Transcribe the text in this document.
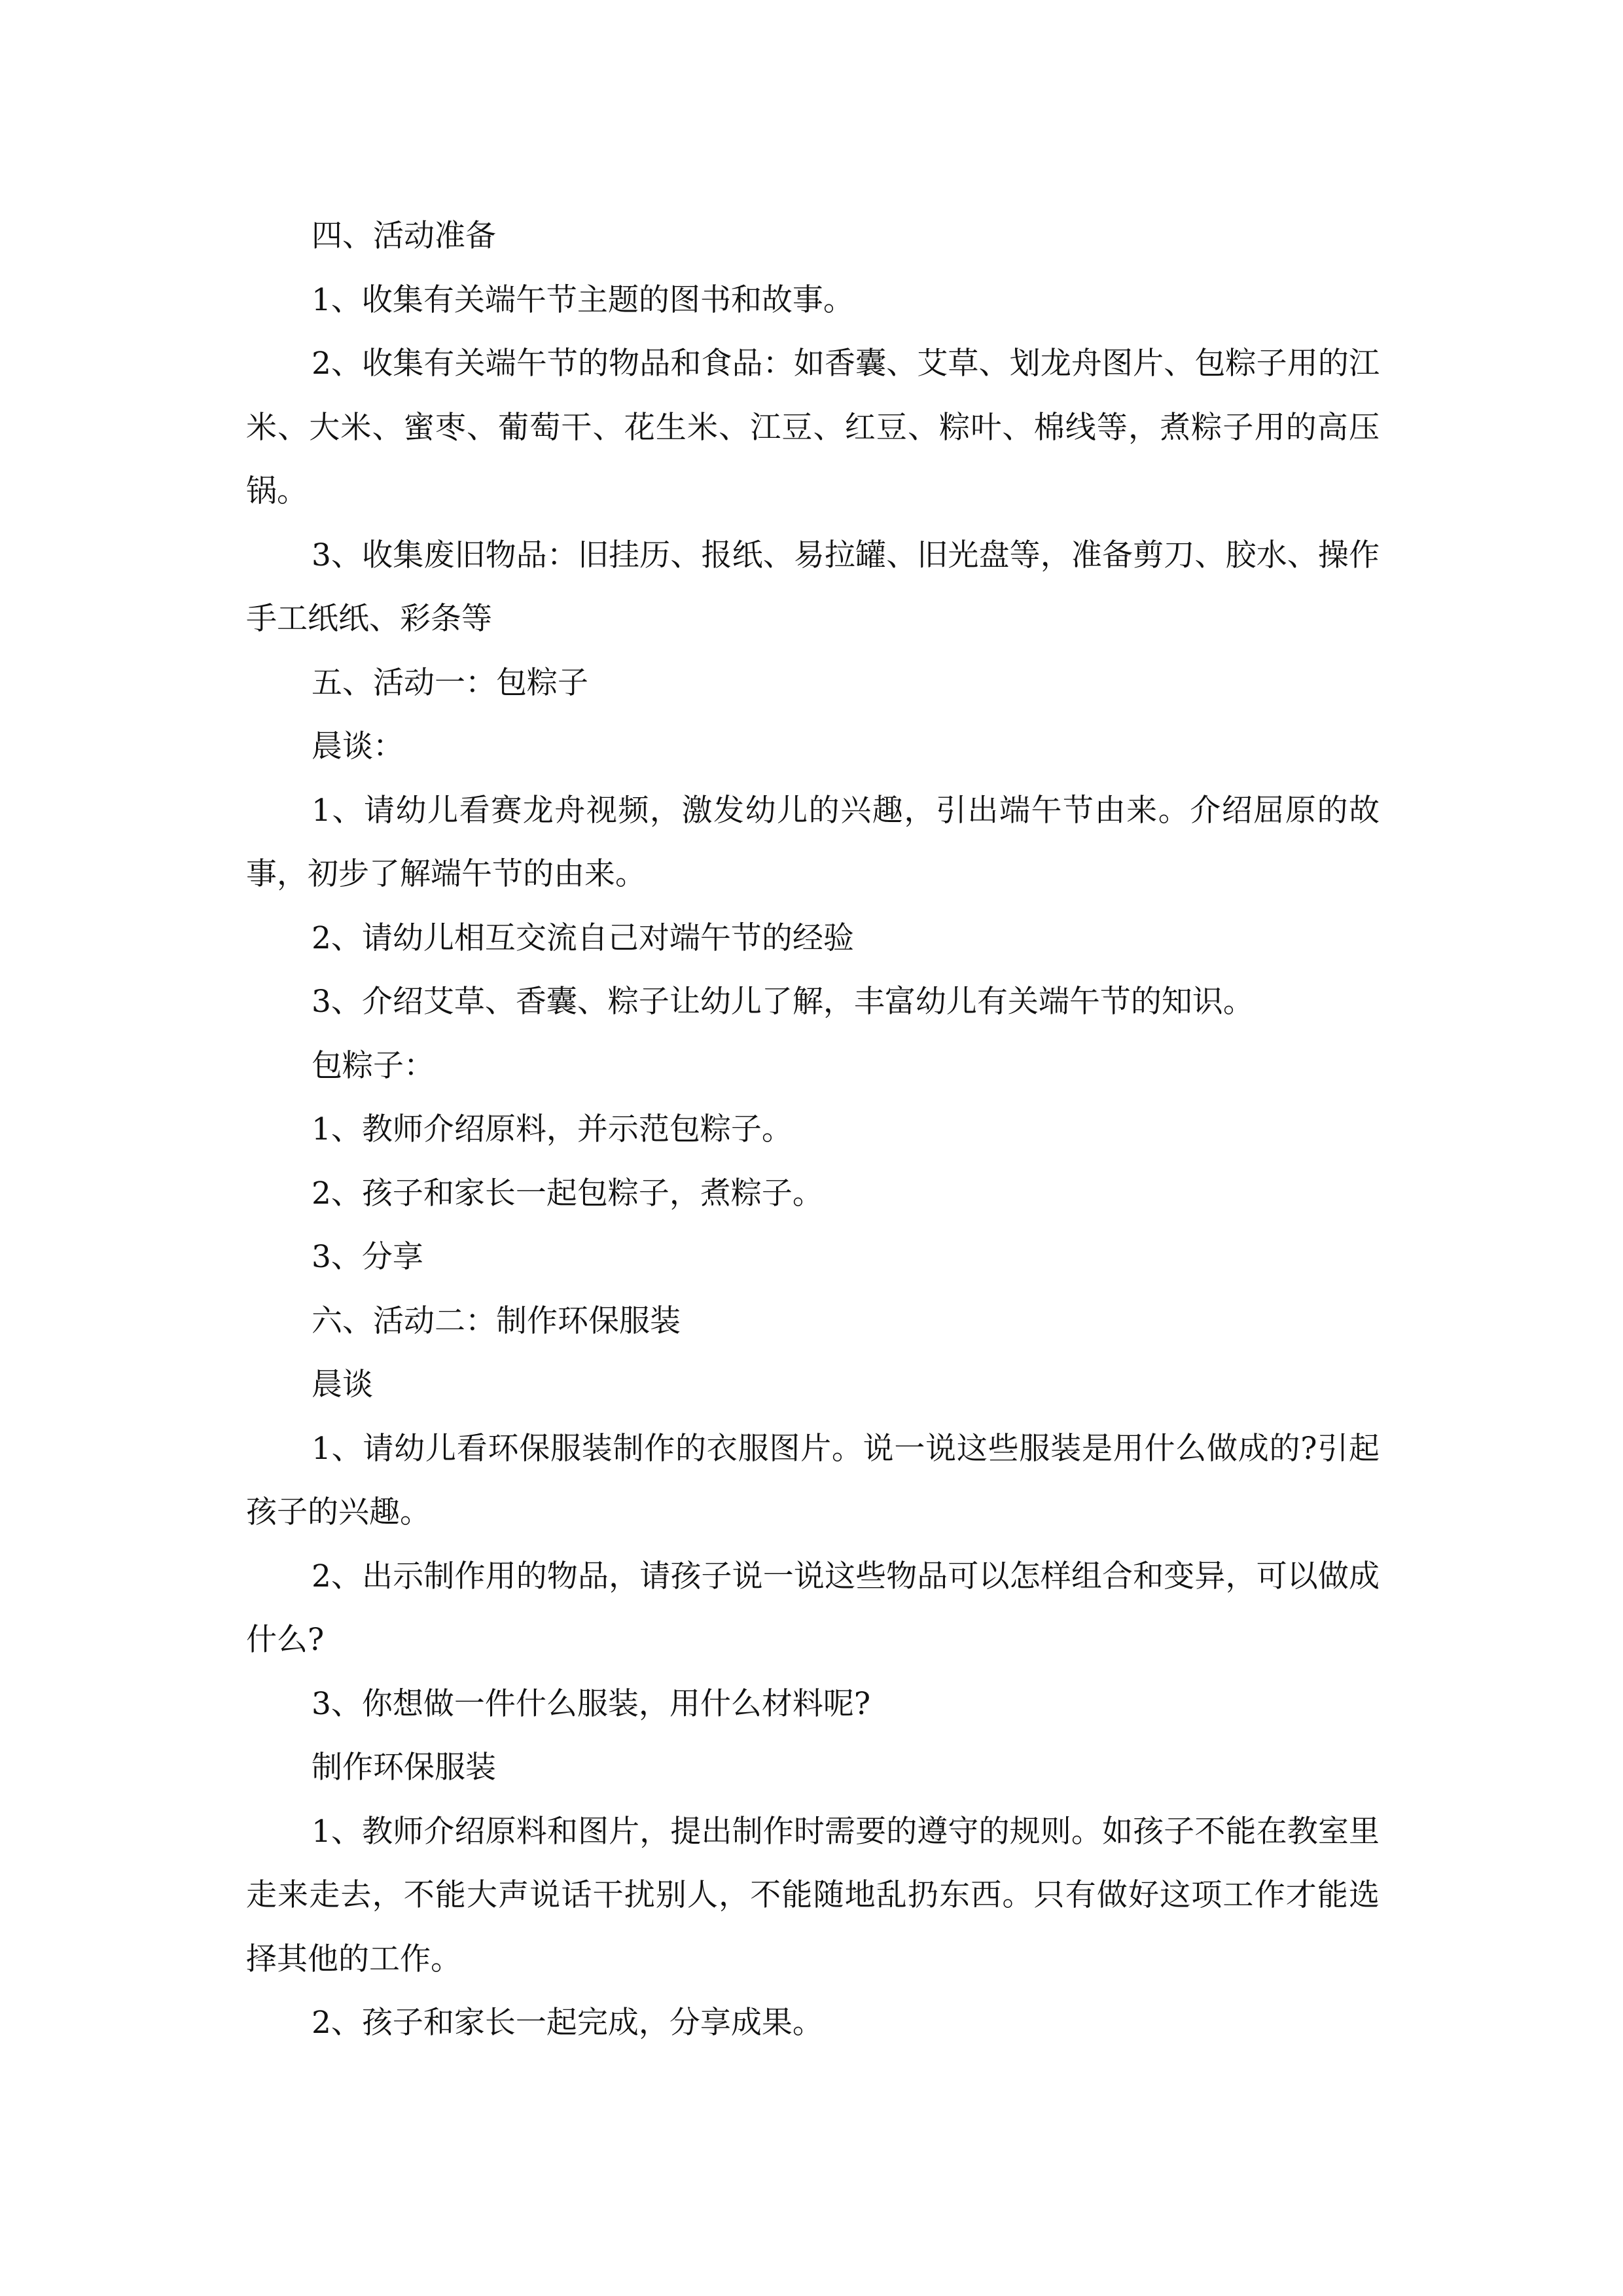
四、活动准备

1、收集有关端午节主题的图书和故事。

2、收集有关端午节的物品和食品：如香囊、艾草、划龙舟图片、包粽子用的江米、大米、蜜枣、葡萄干、花生米、江豆、红豆、粽叶、棉线等，煮粽子用的高压锅。

3、收集废旧物品：旧挂历、报纸、易拉罐、旧光盘等，准备剪刀、胶水、操作手工纸纸、彩条等

五、活动一：包粽子

晨谈：

1、请幼儿看赛龙舟视频，激发幼儿的兴趣，引出端午节由来。介绍屈原的故事，初步了解端午节的由来。

2、请幼儿相互交流自己对端午节的经验

3、介绍艾草、香囊、粽子让幼儿了解，丰富幼儿有关端午节的知识。

包粽子：

1、教师介绍原料，并示范包粽子。

2、孩子和家长一起包粽子，煮粽子。

3、分享

六、活动二：制作环保服装

晨谈

1、请幼儿看环保服装制作的衣服图片。说一说这些服装是用什么做成的?引起孩子的兴趣。

2、出示制作用的物品，请孩子说一说这些物品可以怎样组合和变异，可以做成什么?

3、你想做一件什么服装，用什么材料呢?

制作环保服装

1、教师介绍原料和图片，提出制作时需要的遵守的规则。如孩子不能在教室里走来走去，不能大声说话干扰别人，不能随地乱扔东西。只有做好这项工作才能选择其他的工作。

2、孩子和家长一起完成，分享成果。
